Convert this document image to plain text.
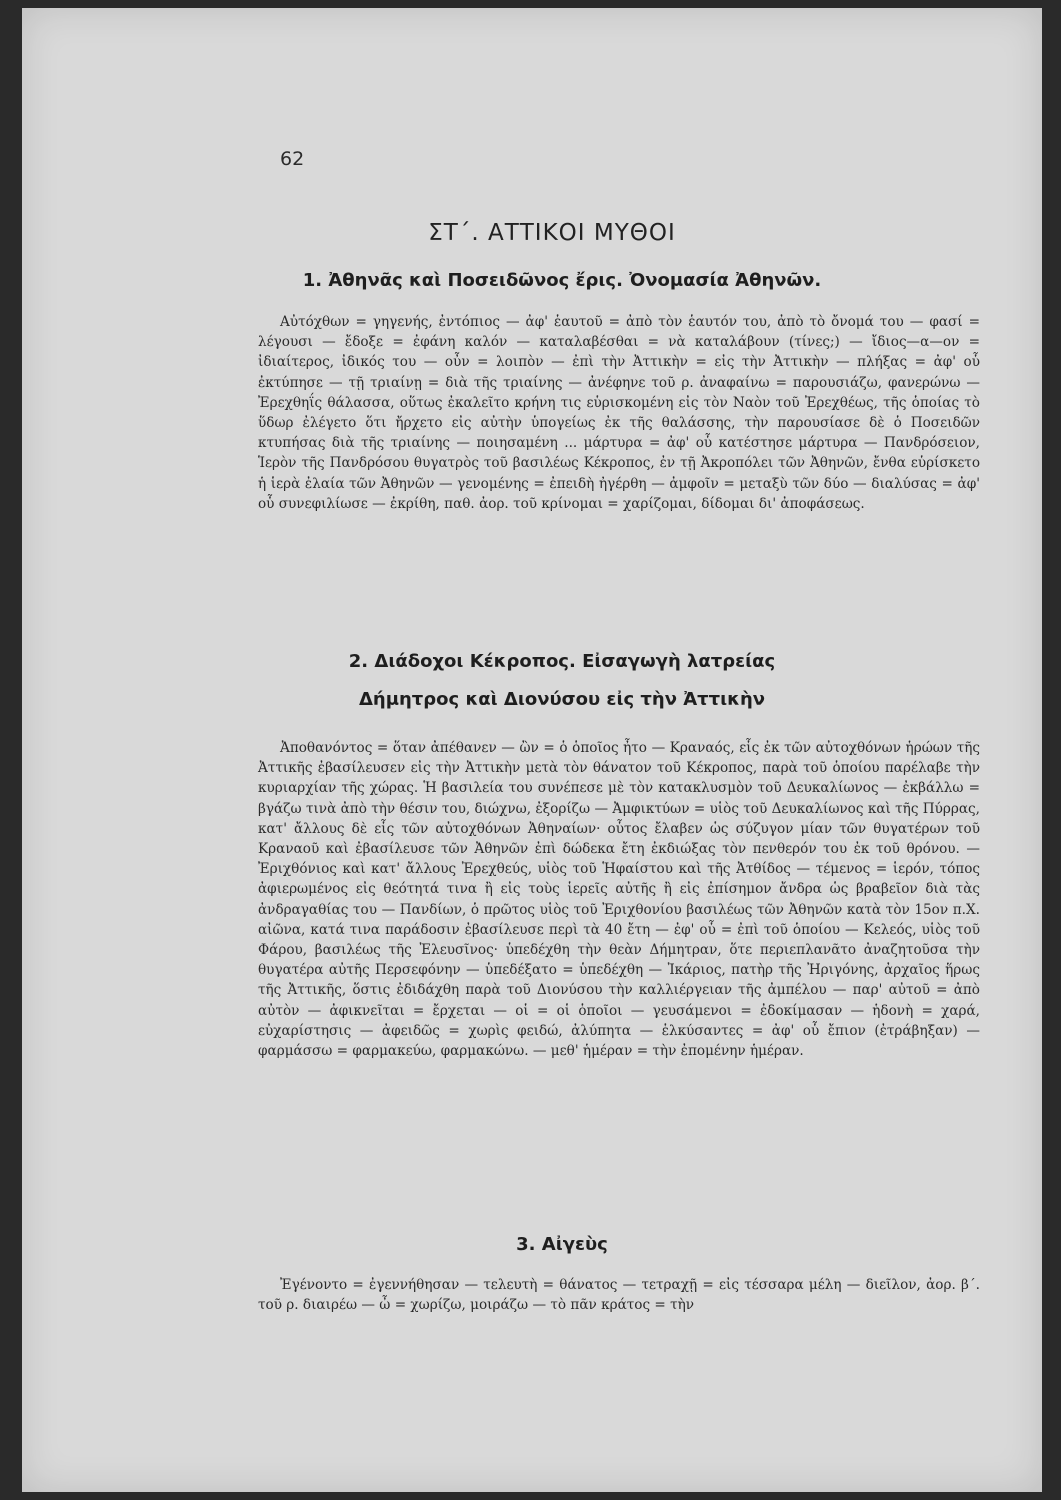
62
ΣΤ΄. ΑΤΤΙΚΟΙ ΜΥΘΟΙ
1. Ἀθηνᾶς καὶ Ποσειδῶνος ἔρις. Ὀνομασία Ἀθηνῶν.

Αὐτόχθων = γηγενής, ἐντόπιος — ἀφ' ἑαυτοῦ = ἀπὸ τὸν ἑαυτόν του, ἀπὸ τὸ ὄνομά του — φασί = λέγουσι — ἔδοξε = ἐφάνη καλόν — καταλαβέσθαι = νὰ καταλάβουν (τίνες;) — ἴδιος—α—ον = ἰδιαίτερος, ἰδικός του — οὖν = λοιπὸν — ἐπὶ τὴν Ἀττικὴν = εἰς τὴν Ἀττικὴν — πλήξας = ἀφ' οὗ ἐκτύπησε — τῇ τριαίνῃ = διὰ τῆς τριαίνης — ἀνέφηνε τοῦ ρ. ἀναφαίνω = παρουσιάζω, φανερώνω — Ἐρεχθηΐς θάλασσα, οὕτως ἐκαλεῖτο κρήνη τις εὑρισκομένη εἰς τὸν Ναὸν τοῦ Ἐρεχθέως, τῆς ὁποίας τὸ ὕδωρ ἐλέγετο ὅτι ἤρχετο εἰς αὐτὴν ὑπογείως ἐκ τῆς θαλάσσης, τὴν παρουσίασε δὲ ὁ Ποσειδῶν κτυπήσας διὰ τῆς τριαίνης — ποιησαμένη ... μάρτυρα = ἀφ' οὗ κατέστησε μάρτυρα — Πανδρόσειον, Ἱερὸν τῆς Πανδρόσου θυγατρὸς τοῦ βασιλέως Κέκροπος, ἐν τῇ Ἀκροπόλει τῶν Ἀθηνῶν, ἔνθα εὑρίσκετο ἡ ἱερὰ ἐλαία τῶν Ἀθηνῶν — γενομένης = ἐπειδὴ ἠγέρθη — ἀμφοῖν = μεταξὺ τῶν δύο — διαλύσας = ἀφ' οὗ συνεφιλίωσε — ἐκρίθη, παθ. ἀορ. τοῦ κρίνομαι = χαρίζομαι, δίδομαι δι' ἀποφάσεως.

2. Διάδοχοι Κέκροπος. Εἰσαγωγὴ λατρείας
Δήμητρος καὶ Διονύσου εἰς τὴν Ἀττικὴν

Ἀποθανόντος = ὅταν ἀπέθανεν — ὢν = ὁ ὁποῖος ἦτο — Κραναός, εἷς ἐκ τῶν αὐτοχθόνων ἡρώων τῆς Ἀττικῆς ἐβασίλευσεν εἰς τὴν Ἀττικὴν μετὰ τὸν θάνατον τοῦ Κέκροπος, παρὰ τοῦ ὁποίου παρέλαβε τὴν κυριαρχίαν τῆς χώρας. Ἡ βασιλεία του συνέπεσε μὲ τὸν κατακλυσμὸν τοῦ Δευκαλίωνος — ἐκβάλλω = βγάζω τινὰ ἀπὸ τὴν θέσιν του, διώχνω, ἐξορίζω — Ἀμφικτύων = υἱὸς τοῦ Δευκαλίωνος καὶ τῆς Πύρρας, κατ' ἄλλους δὲ εἷς τῶν αὐτοχθόνων Ἀθηναίων· οὗτος ἔλαβεν ὡς σύζυγον μίαν τῶν θυγατέρων τοῦ Κραναοῦ καὶ ἐβασίλευσε τῶν Ἀθηνῶν ἐπὶ δώδεκα ἔτη ἐκδιώξας τὸν πενθερόν του ἐκ τοῦ θρόνου. — Ἐριχθόνιος καὶ κατ' ἄλλους Ἐρεχθεύς, υἱὸς τοῦ Ἡφαίστου καὶ τῆς Ἀτθίδος — τέμενος = ἱερόν, τόπος ἀφιερωμένος εἰς θεότητά τινα ἢ εἰς τοὺς ἱερεῖς αὐτῆς ἢ εἰς ἐπίσημον ἄνδρα ὡς βραβεῖον διὰ τὰς ἀνδραγαθίας του — Πανδίων, ὁ πρῶτος υἱὸς τοῦ Ἐριχθονίου βασιλέως τῶν Ἀθηνῶν κατὰ τὸν 15ον π.Χ. αἰῶνα, κατά τινα παράδοσιν ἐβασίλευσε περὶ τὰ 40 ἔτη — ἐφ' οὗ = ἐπὶ τοῦ ὁποίου — Κελεός, υἱὸς τοῦ Φάρου, βασιλέως τῆς Ἐλευσῖνος· ὑπεδέχθη τὴν θεὰν Δήμητραν, ὅτε περιεπλανᾶτο ἀναζητοῦσα τὴν θυγατέρα αὐτῆς Περσεφόνην — ὑπεδέξατο = ὑπεδέχθη — Ἰκάριος, πατὴρ τῆς Ἠριγόνης, ἀρχαῖος ἥρως τῆς Ἀττικῆς, ὅστις ἐδιδάχθη παρὰ τοῦ Διονύσου τὴν καλλιέργειαν τῆς ἀμπέλου — παρ' αὐτοῦ = ἀπὸ αὐτὸν — ἀφικνεῖται = ἔρχεται — οἱ = οἱ ὁποῖοι — γευσάμενοι = ἐδοκίμασαν — ἡδονὴ = χαρά, εὐχαρίστησις — ἀφειδῶς = χωρὶς φειδώ, ἀλύπητα — ἑλκύσαντες = ἀφ' οὗ ἔπιον (ἐτράβηξαν) — φαρμάσσω = φαρμακεύω, φαρμακώνω. — μεθ' ἡμέραν = τὴν ἐπομένην ἡμέραν.

3. Αἰγεὺς

Ἐγένοντο = ἐγεννήθησαν — τελευτὴ = θάνατος — τετραχῇ = εἰς τέσσαρα μέλη — διεῖλον, ἀορ. β΄. τοῦ ρ. διαιρέω — ὦ = χωρίζω, μοιράζω — τὸ πᾶν κράτος = τὴν
